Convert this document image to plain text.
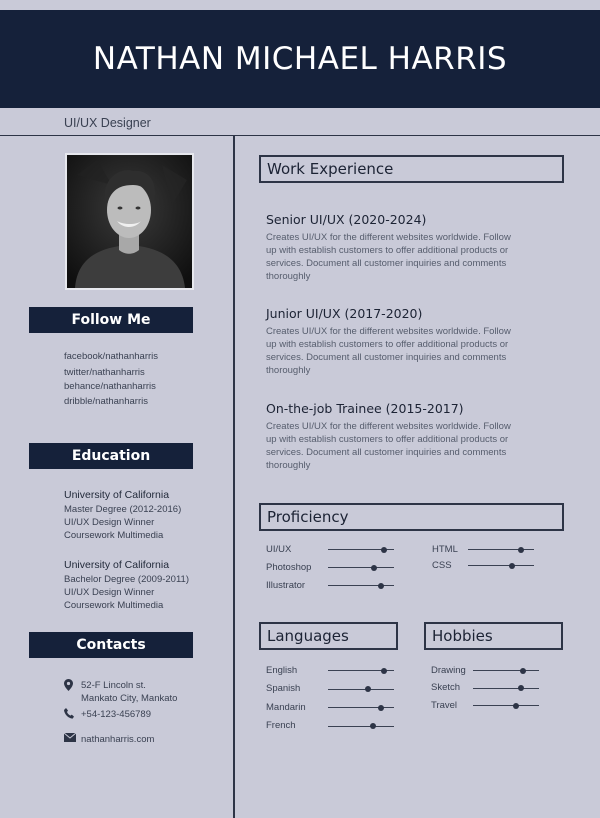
NATHAN MICHAEL HARRIS
UI/UX Designer
Follow Me
facebook/nathanharris
twitter/nathanharris
behance/nathanharris
dribble/nathanharris
Education
University of California
Master Degree (2012-2016)
UI/UX Design Winner
Coursework Multimedia
University of California
Bachelor Degree (2009-2011)
UI/UX Design Winner
Coursework Multimedia
Contacts
52-F Lincoln st.
Mankato City, Mankato
+54-123-456789
nathanharris.com
Work Experience
Senior UI/UX (2020-2024)
Creates UI/UX for the different websites worldwide. Follow
up with establish customers to offer additional products or
services. Document all customer inquiries and comments
thoroughly
Junior UI/UX (2017-2020)
Creates UI/UX for the different websites worldwide. Follow
up with establish customers to offer additional products or
services. Document all customer inquiries and comments
thoroughly
On-the-job Trainee (2015-2017)
Creates UI/UX for the different websites worldwide. Follow
up with establish customers to offer additional products or
services. Document all customer inquiries and comments
thoroughly
Proficiency
UI/UX
Photoshop
Illustrator
HTML
CSS
Languages
English
Spanish
Mandarin
French
Hobbies
Drawing
Sketch
Travel
